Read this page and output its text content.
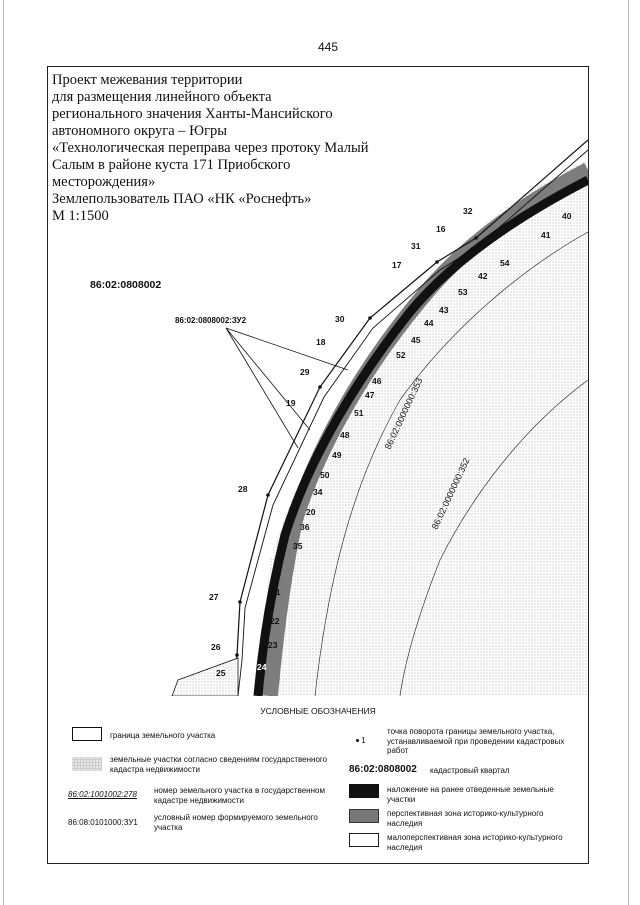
445
Проект межевания территории
для размещения линейного объекта
регионального значения Ханты-Мансийского
автономного округа – Югры
«Технологическая переправа через протоку Малый
Салым в районе куста 171 Приобского
месторождения»
Землепользователь ПАО «НК «Роснефть»
М 1:1500
86:02:0808002
86:02:0808002:ЗУ2
86:02:0000000:353
86:02:0000000:352
32
16
40
41
31
54
17
42
53
43
30	44
18	45
52
29
46
47
19
51
48
49
50
28	34
20
36
35
27	21
22
23
26
24
25
УСЛОВНЫЕ ОБОЗНАЧЕНИЯ
граница земельного участка
земельные участки согласно сведениям государственного кадастра недвижимости
86:02:1001002:278	номер земельного участка в государственном кадастре недвижимости
86:08:0101000:ЗУ1
условный номер формируемого земельного участка
1
точка поворота границы земельного участка, устанавливаемой при проведении кадастровых работ
86:02:0808002	кадастровый квартал
наложение на ранее отведенные земельные участки
перспективная зона историко-культурного наследия
малоперспективная зона историко-культурного наследия
